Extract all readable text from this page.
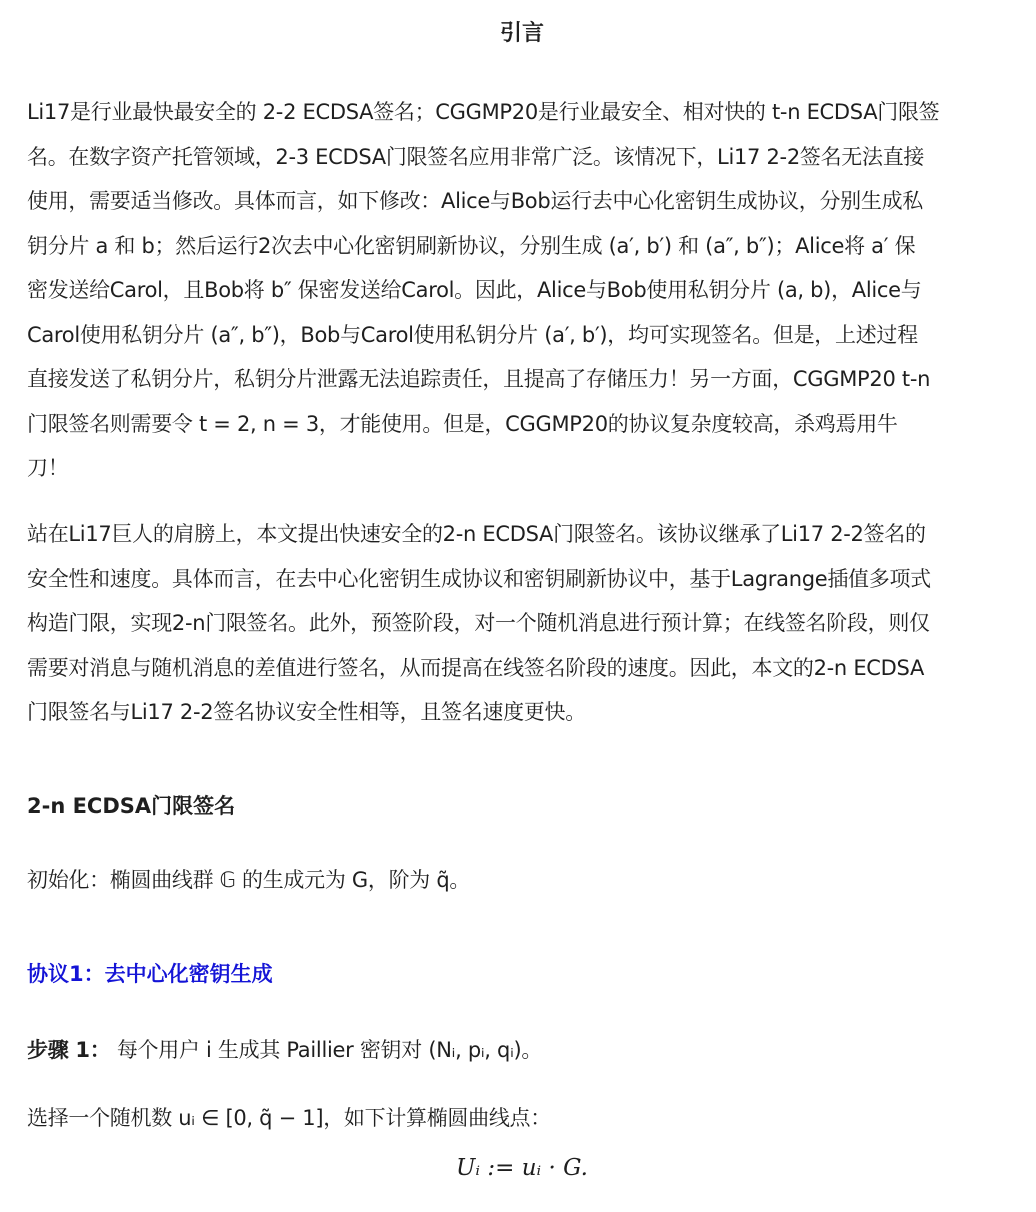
引言

Li17是行业最快最安全的 2-2 ECDSA签名；CGGMP20是行业最安全、相对快的 t-n ECDSA门限签
名。在数字资产托管领域，2-3 ECDSA门限签名应用非常广泛。该情况下，Li17 2-2签名无法直接
使用，需要适当修改。具体而言，如下修改：Alice与Bob运行去中心化密钥生成协议，分别生成私
钥分片 a 和 b；然后运行2次去中心化密钥刷新协议，分别生成 (a′, b′) 和 (a″, b″)；Alice将 a′ 保
密发送给Carol，且Bob将 b″ 保密发送给Carol。因此，Alice与Bob使用私钥分片 (a, b)，Alice与
Carol使用私钥分片 (a″, b″)，Bob与Carol使用私钥分片 (a′, b′)，均可实现签名。但是，上述过程
直接发送了私钥分片，私钥分片泄露无法追踪责任，且提高了存储压力！另一方面，CGGMP20 t-n
门限签名则需要令 t = 2, n = 3，才能使用。但是，CGGMP20的协议复杂度较高，杀鸡焉用牛
刀！

站在Li17巨人的肩膀上，本文提出快速安全的2-n ECDSA门限签名。该协议继承了Li17 2-2签名的
安全性和速度。具体而言，在去中心化密钥生成协议和密钥刷新协议中，基于Lagrange插值多项式
构造门限，实现2-n门限签名。此外，预签阶段，对一个随机消息进行预计算；在线签名阶段，则仅
需要对消息与随机消息的差值进行签名，从而提高在线签名阶段的速度。因此，本文的2-n ECDSA
门限签名与Li17 2-2签名协议安全性相等，且签名速度更快。

2-n ECDSA门限签名

初始化：椭圆曲线群 𝔾 的生成元为 G，阶为 q̃。

协议1：去中心化密钥生成

步骤 1： 每个用户 i 生成其 Paillier 密钥对 (Nᵢ, pᵢ, qᵢ)。

选择一个随机数 uᵢ ∈ [0, q̃ − 1]，如下计算椭圆曲线点：

Uᵢ := uᵢ · G.
